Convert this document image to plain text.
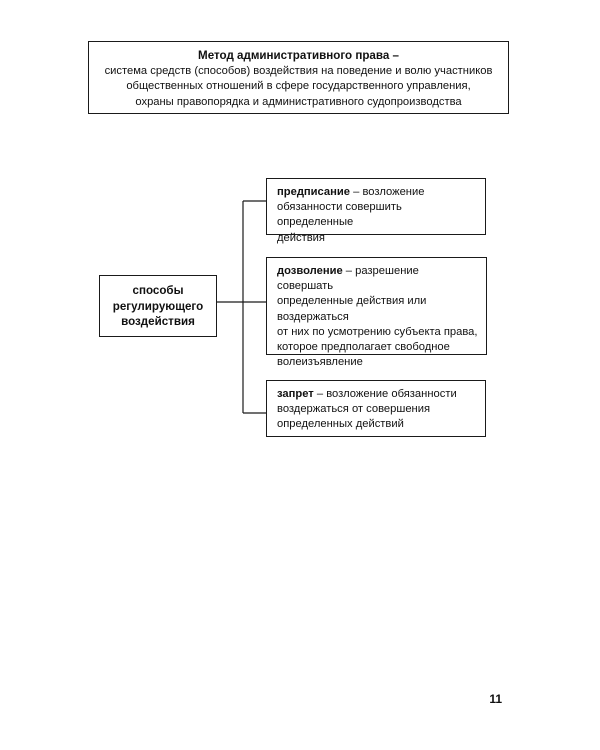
Метод административного права –
система средств (способов) воздействия на поведение и волю участников
общественных отношений в сфере государственного управления,
охраны правопорядка и административного судопроизводства
способы
регулирующего
воздействия
предписание – возложение
обязанности совершить определенные
действия
дозволение – разрешение совершать
определенные действия или воздержаться
от них по усмотрению субъекта права,
которое предполагает свободное
волеизъявление
запрет – возложение обязанности
воздержаться от совершения
определенных действий
11
